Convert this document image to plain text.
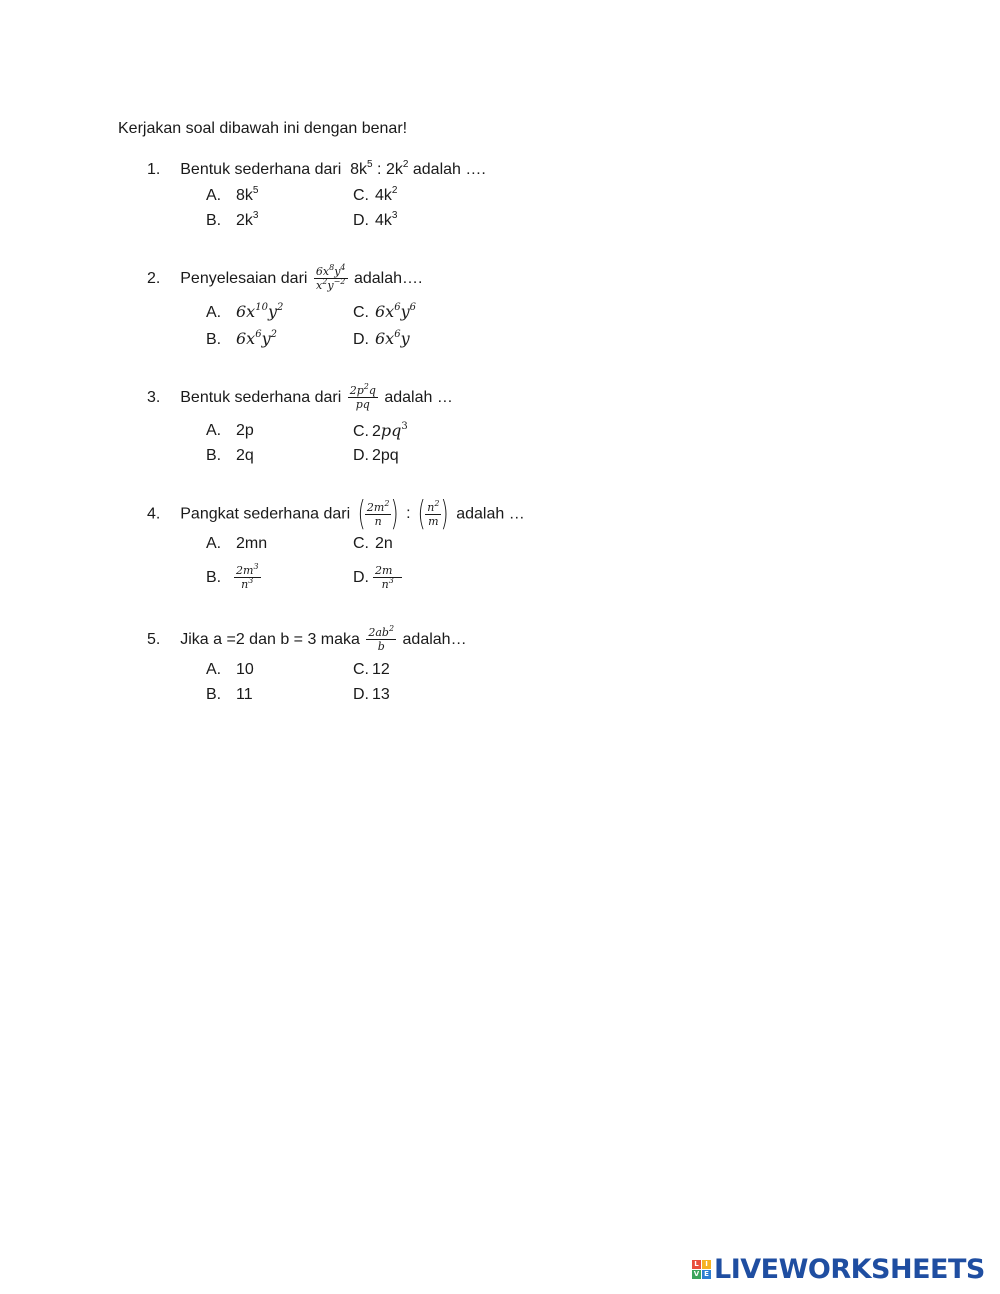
Kerjakan soal dibawah ini dengan benar!
1. Bentuk sederhana dari $8k^5$ : $2k^2$ adalah ….
A. $8k^5$	C. $4k^2$
B. $2k^3$	D. $4k^3$
2. Penyelesaian dari $\frac{6x^8y^4}{x^2y^{-2}}$ adalah….
A. $6x^{10}y^2$	C. $6x^6y^6$
B. $6x^6y^2$	D. $6x^6y$
3. Bentuk sederhana dari $\frac{2p^2q}{pq}$ adalah …
A. 2p	C. $2pq^3$
B. 2q	D. 2pq
4. Pangkat sederhana dari ( $\frac{2m^2}{n}$ ) : ( $\frac{n^2}{m}$ ) adalah …
A. 2mn	C. 2n
B. $\frac{2m^3}{n^3}$	D. $\frac{2m}{n^3}$
5. Jika a =2 dan b = 3 maka $\frac{2ab^2}{b}$ adalah…
A. 10	C. 12
B. 11	D. 13
L I
V E LIVEWORKSHEETS
